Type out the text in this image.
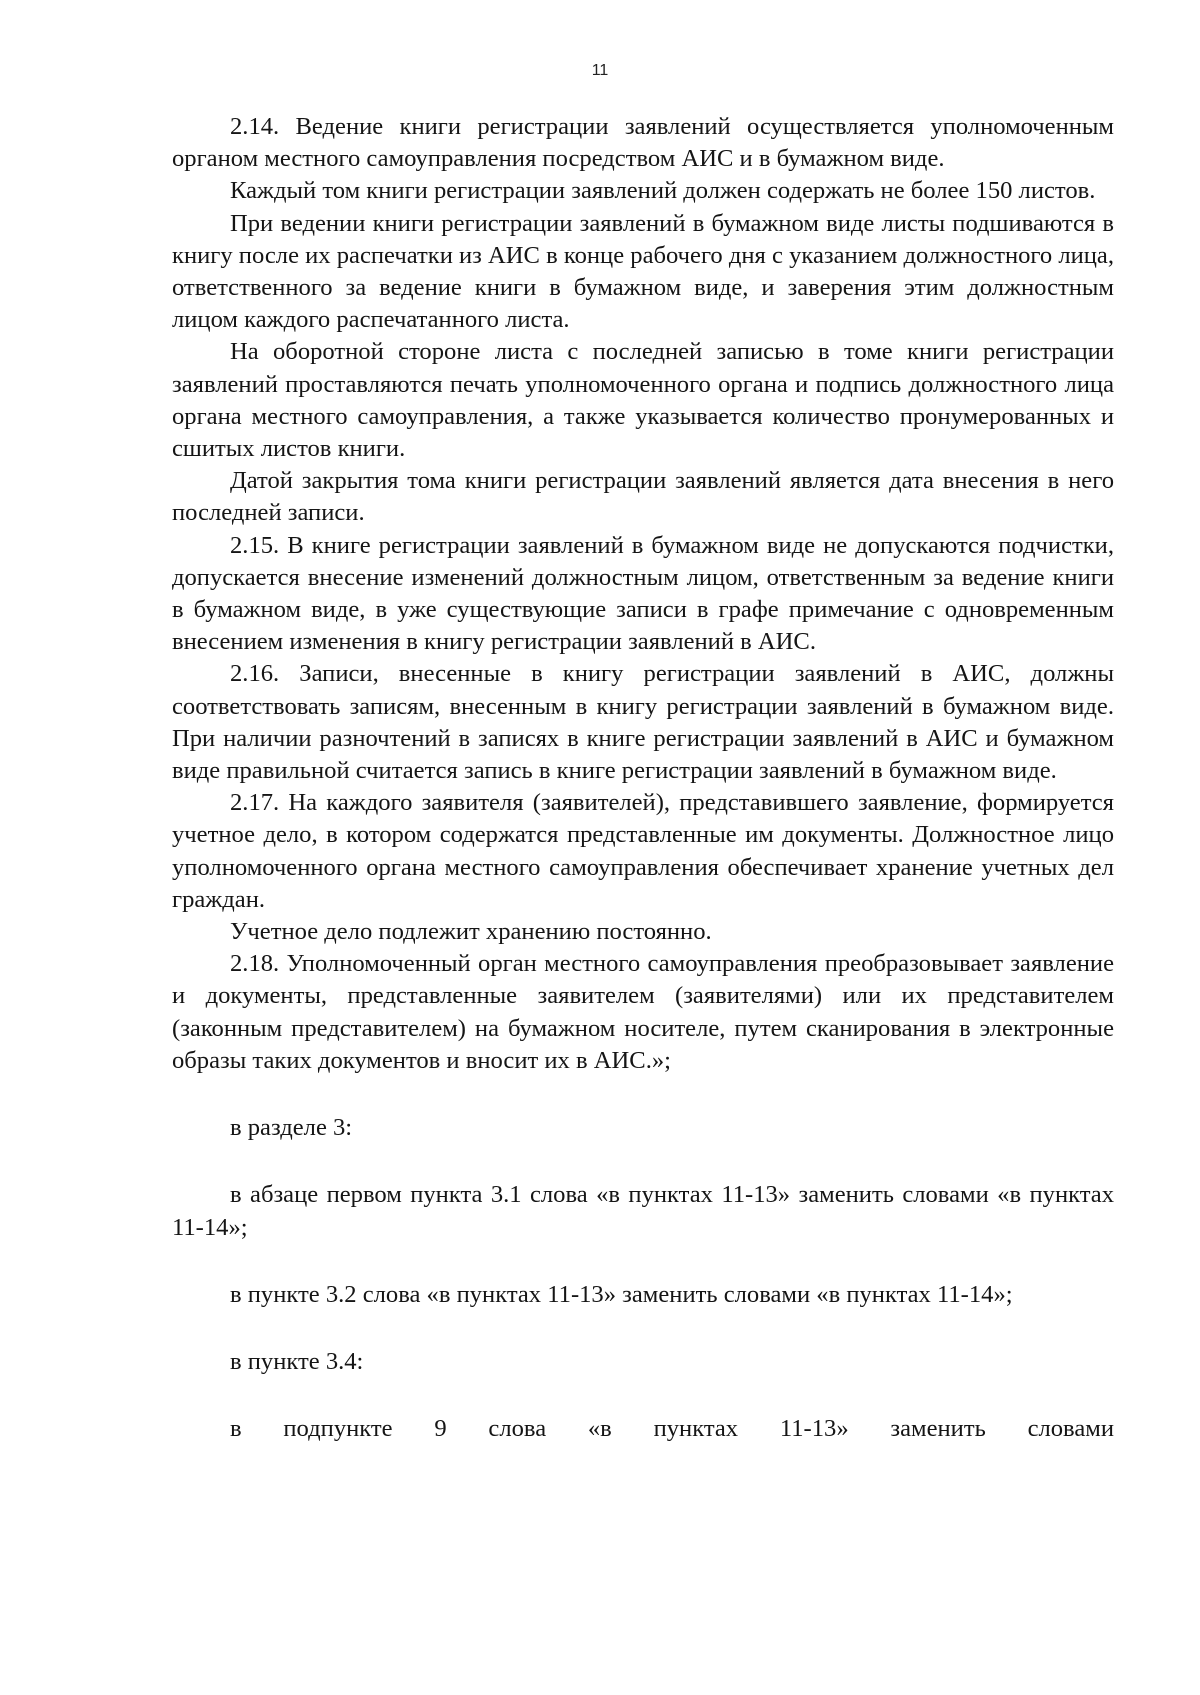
11

2.14. Ведение книги регистрации заявлений осуществляется уполномоченным органом местного самоуправления посредством АИС и в бумажном виде.

Каждый том книги регистрации заявлений должен содержать не более 150 листов.

При ведении книги регистрации заявлений в бумажном виде листы подшиваются в книгу после их распечатки из АИС в конце рабочего дня с указанием должностного лица, ответственного за ведение книги в бумажном виде, и заверения этим должностным лицом каждого распечатанного листа.

На оборотной стороне листа с последней записью в томе книги регистрации заявлений проставляются печать уполномоченного органа и подпись должностного лица органа местного самоуправления, а также указывается количество пронумерованных и сшитых листов книги.

Датой закрытия тома книги регистрации заявлений является дата внесения в него последней записи.

2.15. В книге регистрации заявлений в бумажном виде не допускаются подчистки, допускается внесение изменений должностным лицом, ответственным за ведение книги в бумажном виде, в уже существующие записи в графе примечание с одновременным внесением изменения в книгу регистрации заявлений в АИС.

2.16. Записи, внесенные в книгу регистрации заявлений в АИС, должны соответствовать записям, внесенным в книгу регистрации заявлений в бумажном виде. При наличии разночтений в записях в книге регистрации заявлений в АИС и бумажном виде правильной считается запись в книге регистрации заявлений в бумажном виде.

2.17. На каждого заявителя (заявителей), представившего заявление, формируется учетное дело, в котором содержатся представленные им документы. Должностное лицо уполномоченного органа местного самоуправления обеспечивает хранение учетных дел граждан.

Учетное дело подлежит хранению постоянно.

2.18. Уполномоченный орган местного самоуправления преобразовывает заявление и документы, представленные заявителем (заявителями) или их представителем (законным представителем) на бумажном носителе, путем сканирования в электронные образы таких документов и вносит их в АИС.»;

в разделе 3:

в абзаце первом пункта 3.1 слова «в пунктах 11-13» заменить словами «в пунктах 11-14»;

в пункте 3.2 слова «в пунктах 11-13» заменить словами «в пунктах 11-14»;

в пункте 3.4:

в подпункте 9 слова «в пунктах 11-13» заменить словами
